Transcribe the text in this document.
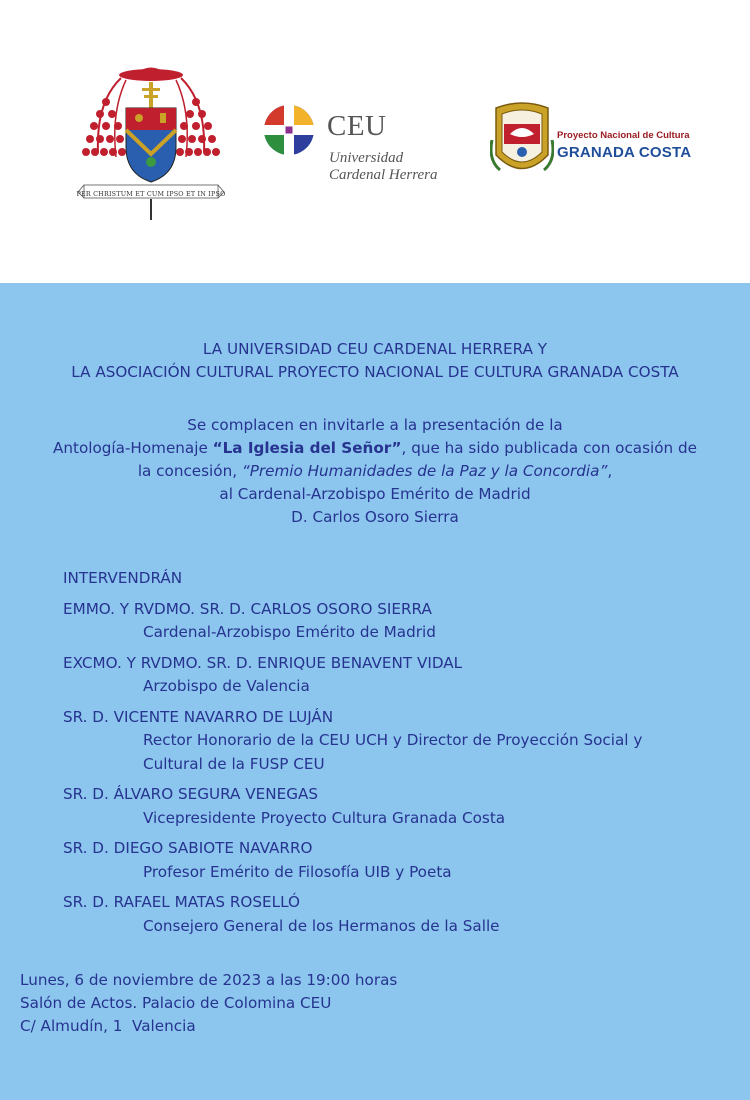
PER CHRISTUM ET CUM IPSO ET IN IPSO
CEU
Universidad
Cardenal Herrera
Proyecto Nacional de Cultura
GRANADA COSTA
LA UNIVERSIDAD CEU CARDENAL HERRERA Y
LA ASOCIACIÓN CULTURAL PROYECTO NACIONAL DE CULTURA GRANADA COSTA
Se complacen en invitarle a la presentación de la
Antología-Homenaje “La Iglesia del Señor”, que ha sido publicada con ocasión de
la concesión, “Premio Humanidades de la Paz y la Concordia”,
al Cardenal-Arzobispo Emérito de Madrid
D. Carlos Osoro Sierra
INTERVENDRÁN
EMMO. Y RVDMO. SR. D. CARLOS OSORO SIERRA
Cardenal-Arzobispo Emérito de Madrid
EXCMO. Y RVDMO. SR. D. ENRIQUE BENAVENT VIDAL
Arzobispo de Valencia
SR. D. VICENTE NAVARRO DE LUJÁN
Rector Honorario de la CEU UCH y Director de Proyección Social y
Cultural de la FUSP CEU
SR. D. ÁLVARO SEGURA VENEGAS
Vicepresidente Proyecto Cultura Granada Costa
SR. D. DIEGO SABIOTE NAVARRO
Profesor Emérito de Filosofía UIB y Poeta
SR. D. RAFAEL MATAS ROSELLÓ
Consejero General de los Hermanos de la Salle
Lunes, 6 de noviembre de 2023 a las 19:00 horas
Salón de Actos. Palacio de Colomina CEU
C/ Almudín, 1  Valencia
